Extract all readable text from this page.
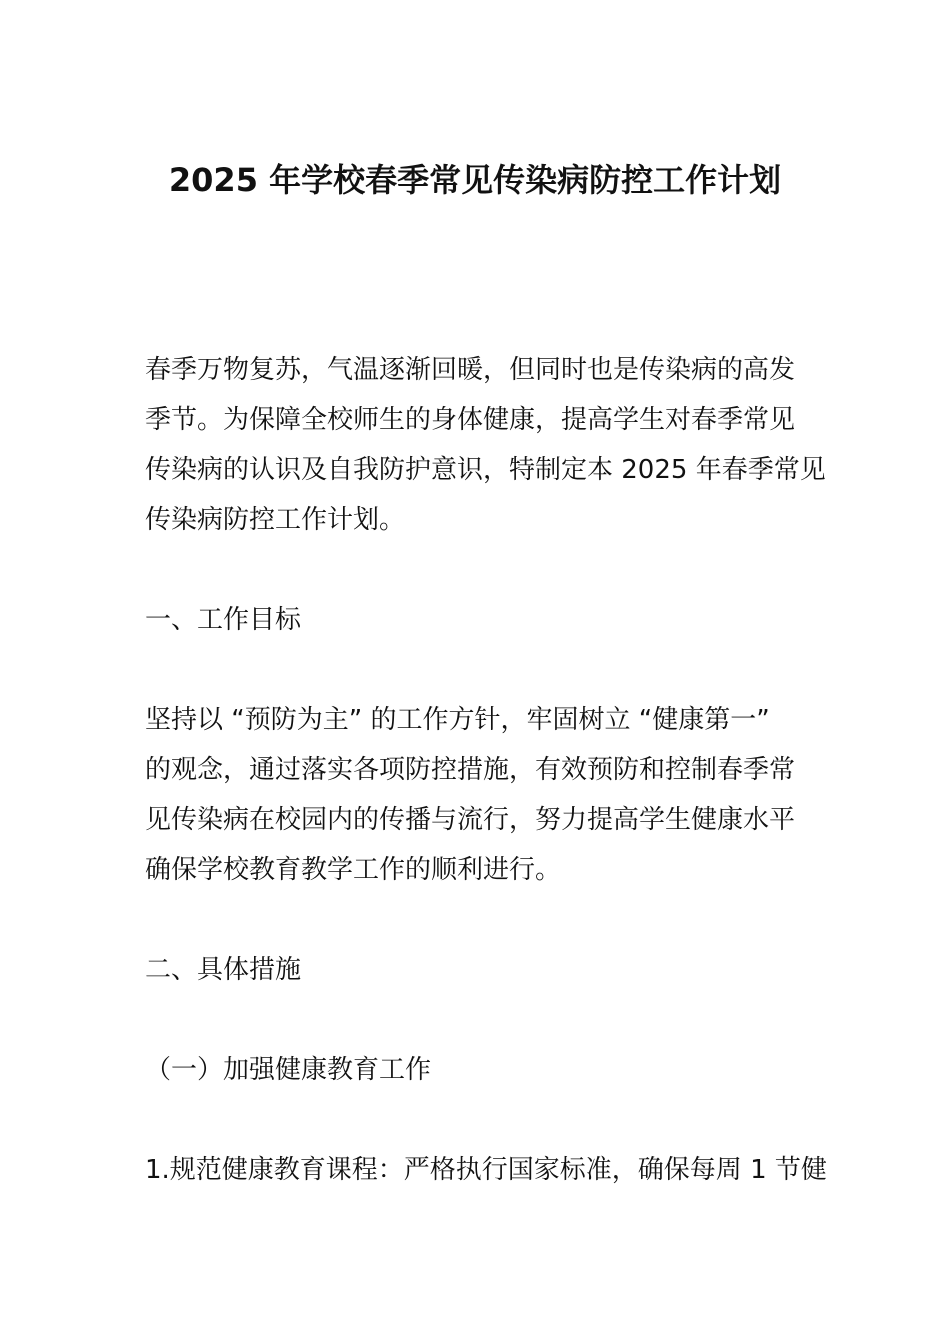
2025 年学校春季常见传染病防控工作计划
春季万物复苏，气温逐渐回暖，但同时也是传染病的高发
季节。为保障全校师生的身体健康，提高学生对春季常见
传染病的认识及自我防护意识，特制定本 2025 年春季常见
传染病防控工作计划。
一、工作目标
坚持以 “预防为主” 的工作方针，牢固树立 “健康第一”
的观念，通过落实各项防控措施，有效预防和控制春季常
见传染病在校园内的传播与流行，努力提高学生健康水平
确保学校教育教学工作的顺利进行。
二、具体措施
（一）加强健康教育工作
1.规范健康教育课程：严格执行国家标准，确保每周 1 节健
